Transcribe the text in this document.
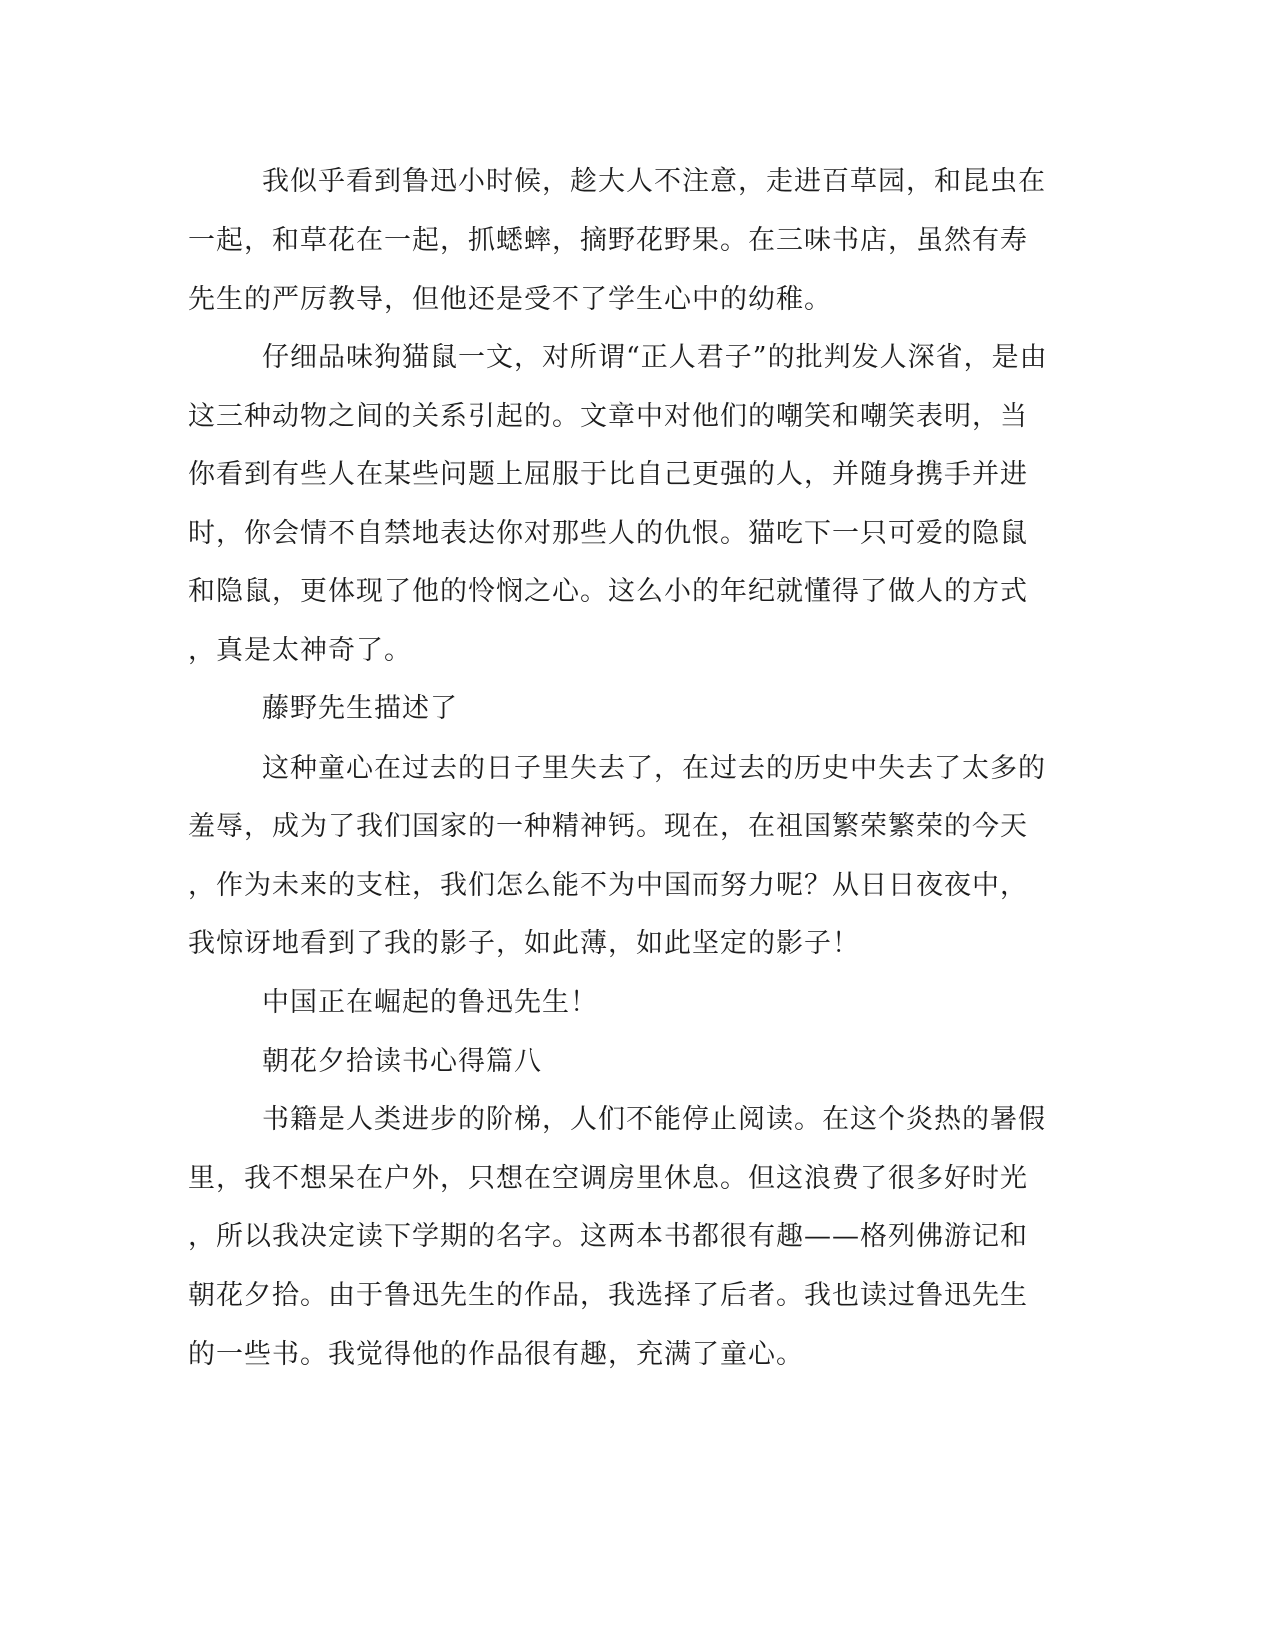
我似乎看到鲁迅小时候，趁大人不注意，走进百草园，和昆虫在
一起，和草花在一起，抓蟋蟀，摘野花野果。在三味书店，虽然有寿
先生的严厉教导，但他还是受不了学生心中的幼稚。
仔细品味狗猫鼠一文，对所谓“正人君子”的批判发人深省，是由
这三种动物之间的关系引起的。文章中对他们的嘲笑和嘲笑表明，当
你看到有些人在某些问题上屈服于比自己更强的人，并随身携手并进
时，你会情不自禁地表达你对那些人的仇恨。猫吃下一只可爱的隐鼠
和隐鼠，更体现了他的怜悯之心。这么小的年纪就懂得了做人的方式
，真是太神奇了。
藤野先生描述了
这种童心在过去的日子里失去了，在过去的历史中失去了太多的
羞辱，成为了我们国家的一种精神钙。现在，在祖国繁荣繁荣的今天
，作为未来的支柱，我们怎么能不为中国而努力呢？从日日夜夜中，
我惊讶地看到了我的影子，如此薄，如此坚定的影子！
中国正在崛起的鲁迅先生！
朝花夕拾读书心得篇八
书籍是人类进步的阶梯，人们不能停止阅读。在这个炎热的暑假
里，我不想呆在户外，只想在空调房里休息。但这浪费了很多好时光
，所以我决定读下学期的名字。这两本书都很有趣——格列佛游记和
朝花夕拾。由于鲁迅先生的作品，我选择了后者。我也读过鲁迅先生
的一些书。我觉得他的作品很有趣，充满了童心。
